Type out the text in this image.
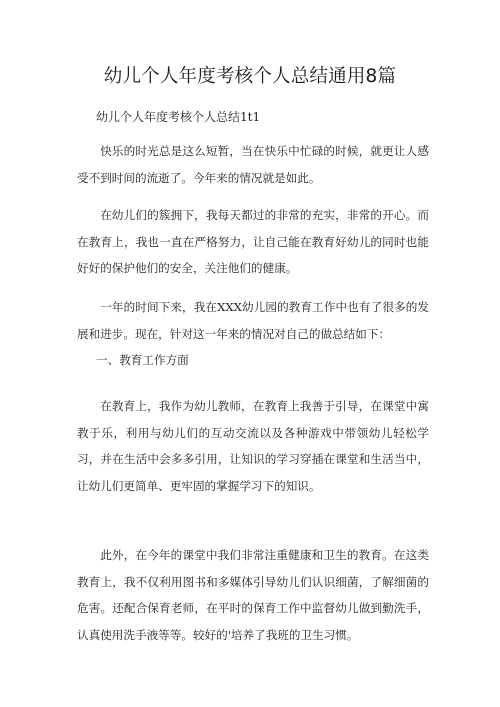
幼儿个人年度考核个人总结通用8篇
幼儿个人年度考核个人总结1t1

快乐的时光总是这么短暂，当在快乐中忙碌的时候，就更让人感受不到时间的流逝了。今年来的情况就是如此。

在幼儿们的簇拥下，我每天都过的非常的充实，非常的开心。而在教育上，我也一直在严格努力，让自己能在教育好幼儿的同时也能好好的保护他们的安全，关注他们的健康。

一年的时间下来，我在XXX幼儿园的教育工作中也有了很多的发展和进步。现在，针对这一年来的情况对自己的做总结如下：

一、教育工作方面

在教育上，我作为幼儿教师，在教育上我善于引导，在课堂中寓教于乐，利用与幼儿们的互动交流以及各种游戏中带领幼儿轻松学习，并在生活中会多多引用，让知识的学习穿插在课堂和生活当中，让幼儿们更简单、更牢固的掌握学习下的知识。

此外，在今年的课堂中我们非常注重健康和卫生的教育。在这类教育上，我不仅利用图书和多媒体引导幼儿们认识细菌，了解细菌的危害。还配合保育老师，在平时的保育工作中监督幼儿做到勤洗手，认真使用洗手液等等。较好的'培养了我班的卫生习惯。
